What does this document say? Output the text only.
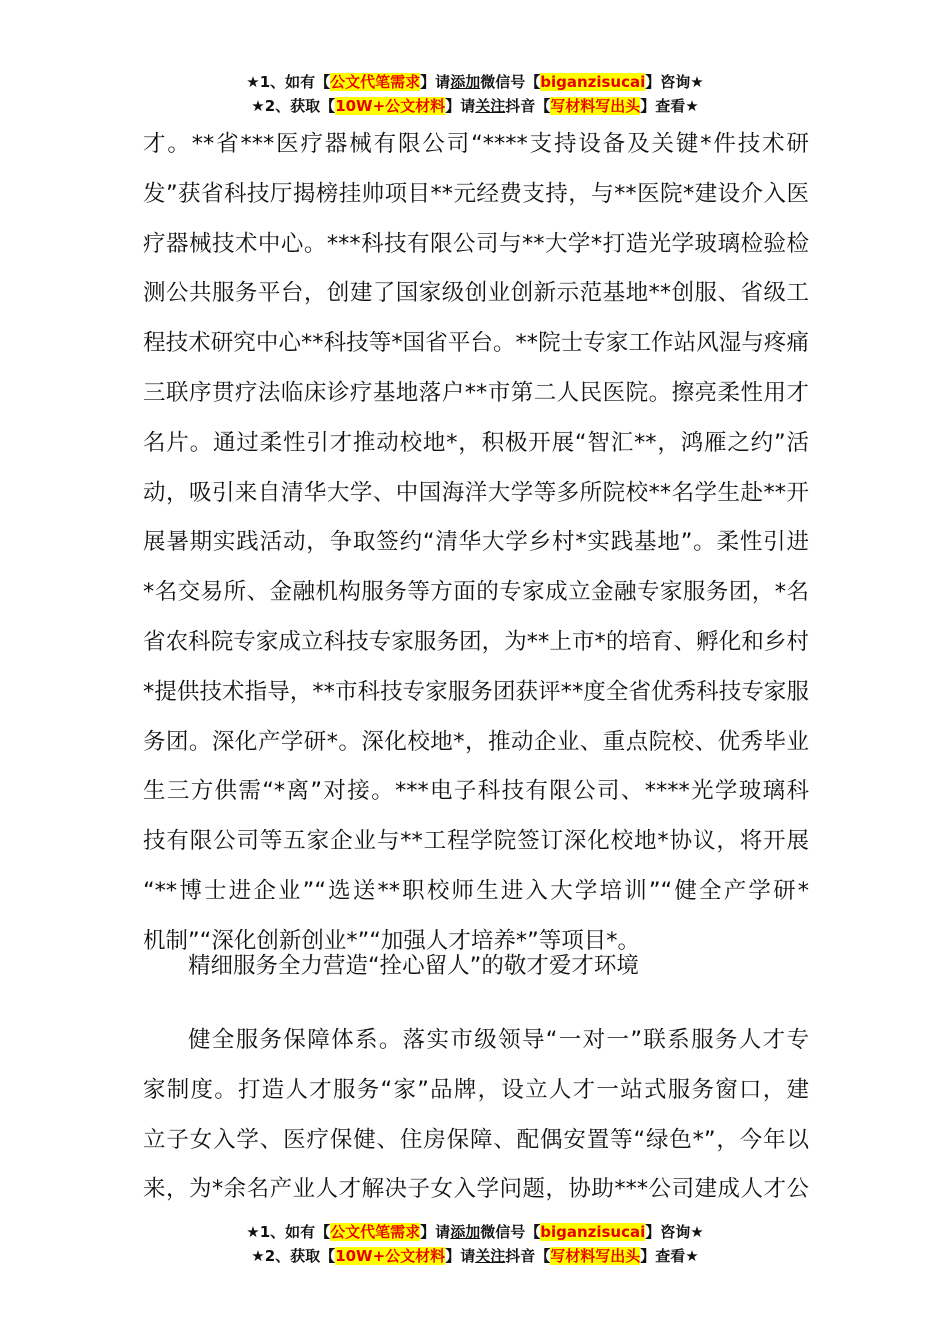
★1、如有【公文代笔需求】请添加微信号【biganzisucai】咨询★
★2、获取【10W+公文材料】请关注抖音【写材料写出头】查看★
才。**省***医疗器械有限公司“****支持设备及关键*件技术研
发”获省科技厅揭榜挂帅项目**元经费支持，与**医院*建设介入医
疗器械技术中心。***科技有限公司与**大学*打造光学玻璃检验检
测公共服务平台，创建了国家级创业创新示范基地**创服、省级工
程技术研究中心**科技等*国省平台。**院士专家工作站风湿与疼痛
三联序贯疗法临床诊疗基地落户**市第二人民医院。擦亮柔性用才
名片。通过柔性引才推动校地*，积极开展“智汇**，鸿雁之约”活
动，吸引来自清华大学、中国海洋大学等多所院校**名学生赴**开
展暑期实践活动，争取签约“清华大学乡村*实践基地”。柔性引进
*名交易所、金融机构服务等方面的专家成立金融专家服务团，*名
省农科院专家成立科技专家服务团，为**上市*的培育、孵化和乡村
*提供技术指导，**市科技专家服务团获评**度全省优秀科技专家服
务团。深化产学研*。深化校地*，推动企业、重点院校、优秀毕业
生三方供需“*离”对接。***电子科技有限公司、****光学玻璃科
技有限公司等五家企业与**工程学院签订深化校地*协议，将开展
“**博士进企业”“选送**职校师生进入大学培训”“健全产学研*
机制”“深化创新创业*”“加强人才培养*”等项目*。
精细服务全力营造“拴心留人”的敬才爱才环境
健全服务保障体系。落实市级领导“一对一”联系服务人才专
家制度。打造人才服务“家”品牌，设立人才一站式服务窗口，建
立子女入学、医疗保健、住房保障、配偶安置等“绿色*”，今年以
来，为*余名产业人才解决子女入学问题，协助***公司建成人才公
★1、如有【公文代笔需求】请添加微信号【biganzisucai】咨询★
★2、获取【10W+公文材料】请关注抖音【写材料写出头】查看★
